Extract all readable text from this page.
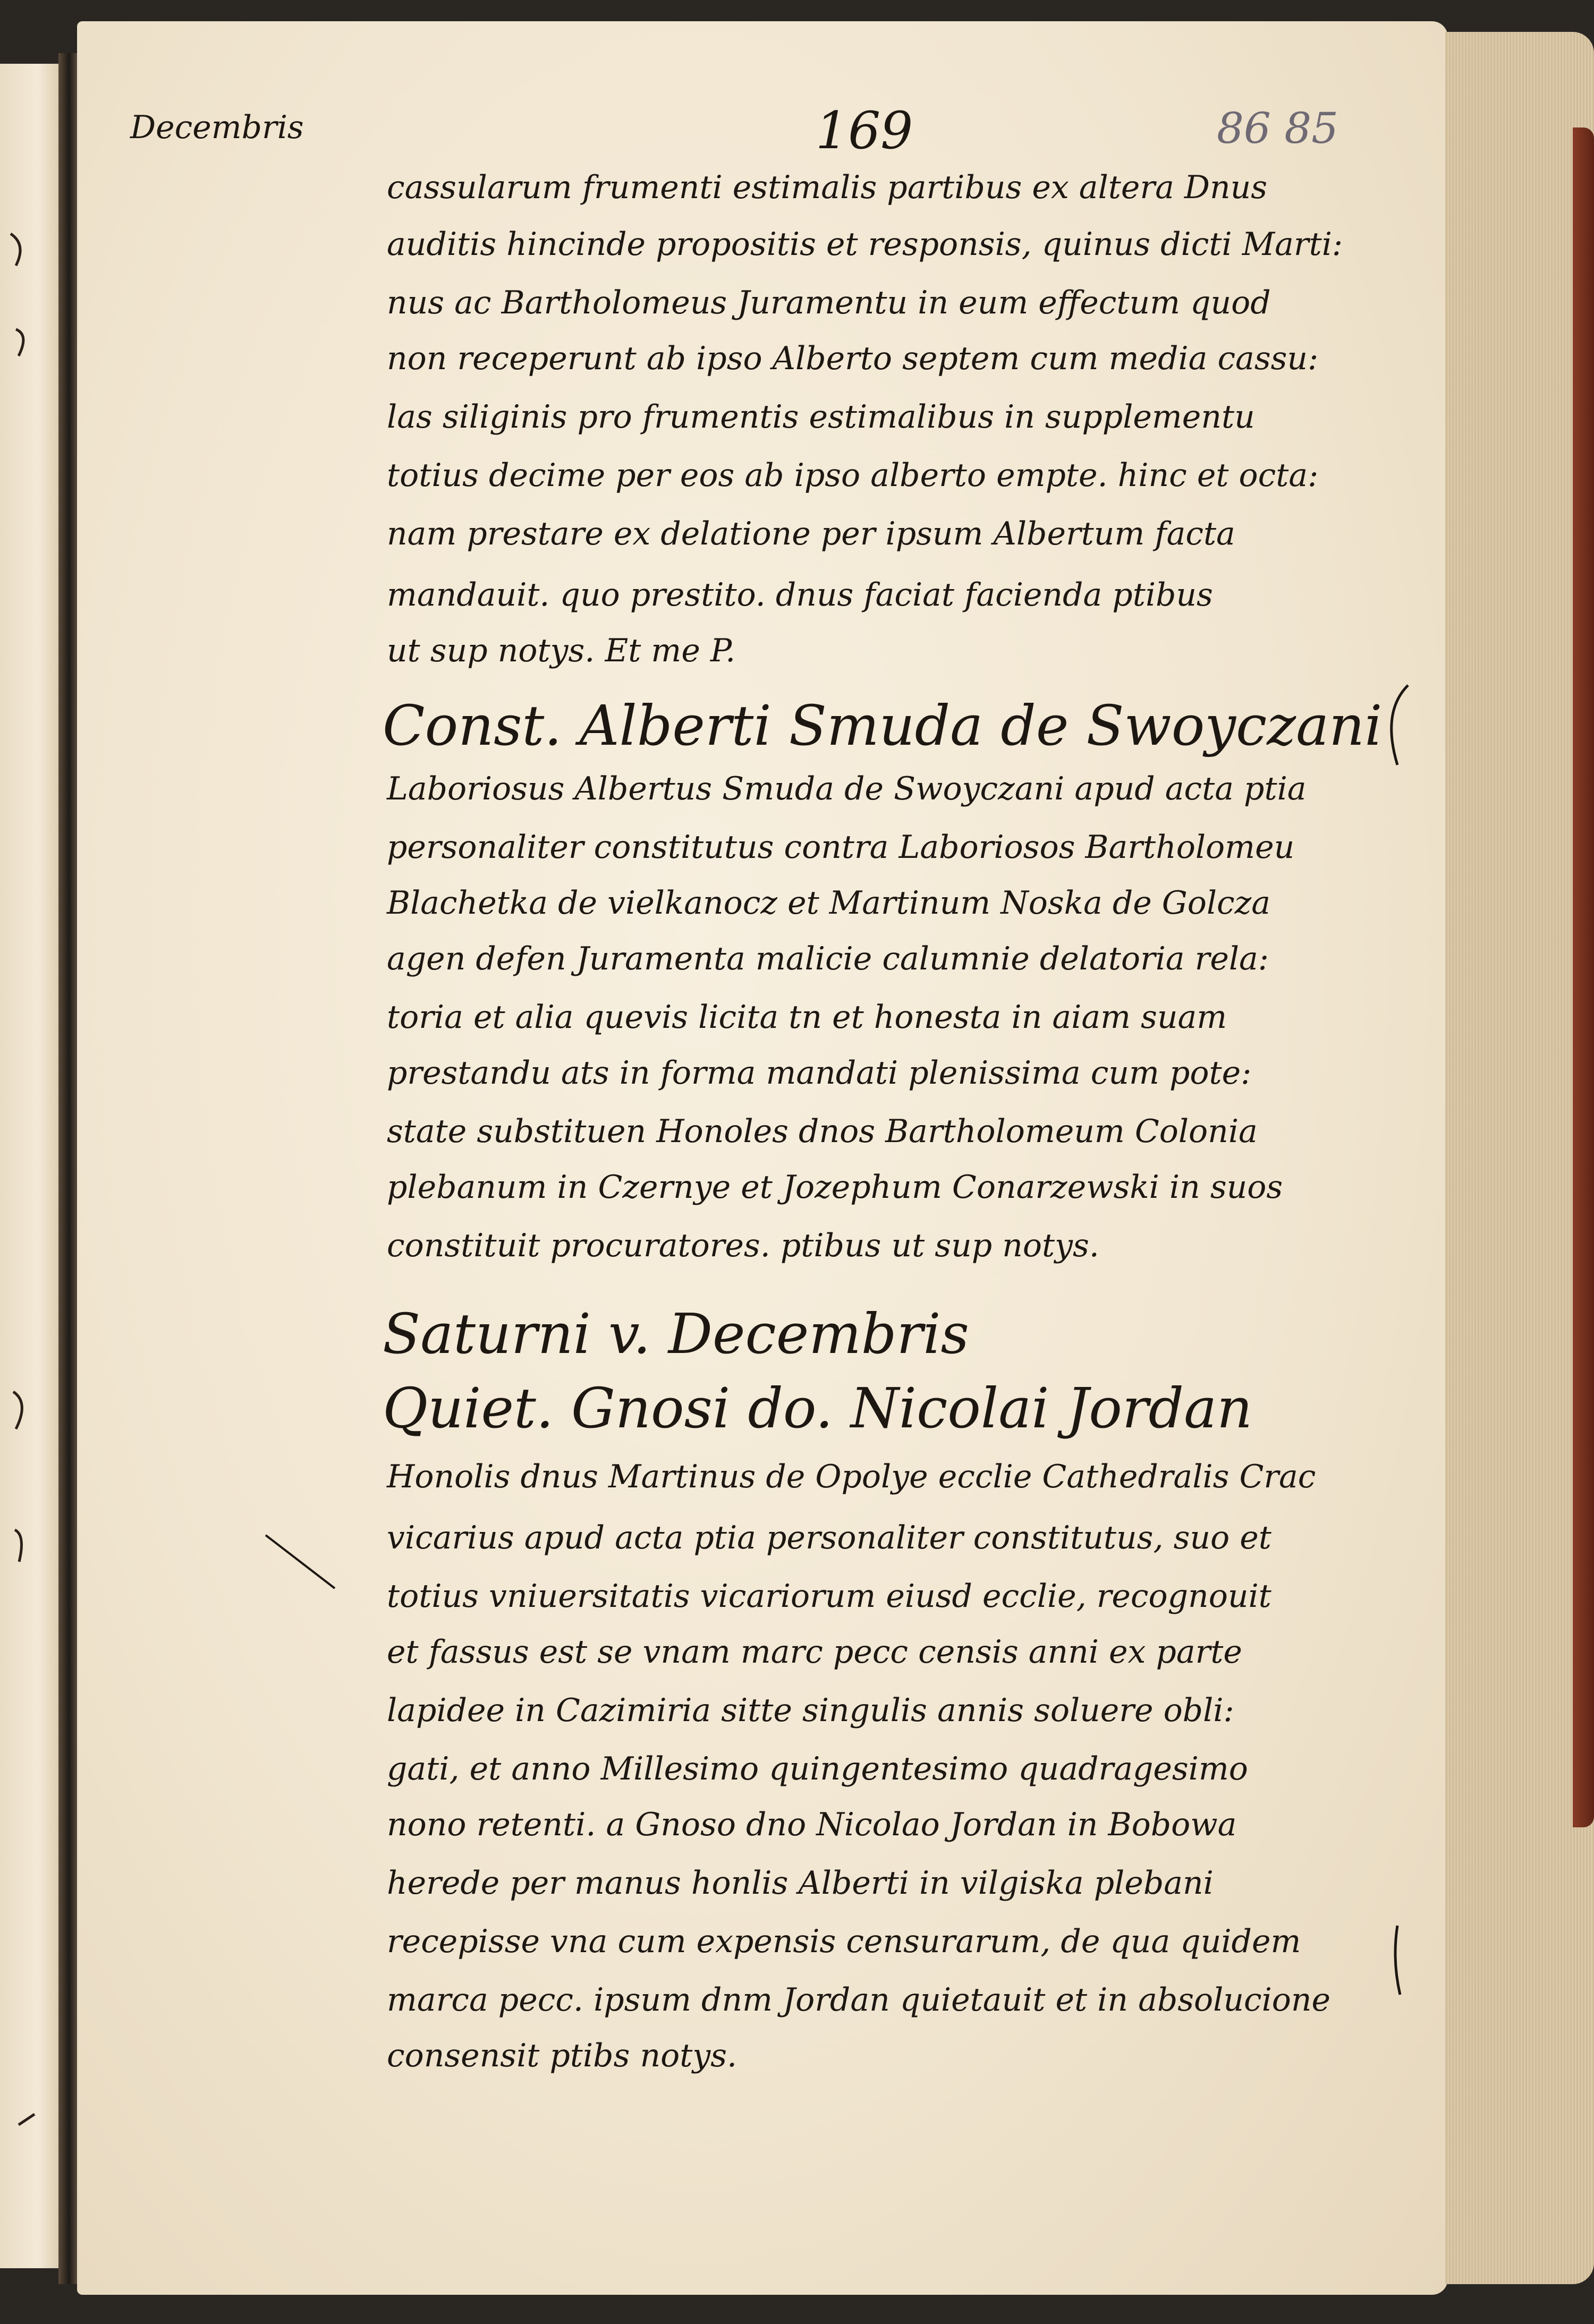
Decembris	169	86 85
cassularum frumenti estimalis partibus ex altera Dnus
auditis hincinde propositis et responsis, quinus dicti Marti:
nus ac Bartholomeus Juramentu in eum effectum quod
non receperunt ab ipso Alberto septem cum media cassu:
las siliginis pro frumentis estimalibus in supplementu
totius decime per eos ab ipso alberto empte. hinc et octa:
nam prestare ex delatione per ipsum Albertum facta
mandauit. quo prestito. dnus faciat facienda ptibus
ut sup notys. Et me P.
Const. Alberti Smuda de Swoyczani
Laboriosus Albertus Smuda de Swoyczani apud acta ptia
personaliter constitutus contra Laboriosos Bartholomeu
Blachetka de vielkanocz et Martinum Noska de Golcza
agen defen Juramenta malicie calumnie delatoria rela:
toria et alia quevis licita tn et honesta in aiam suam
prestandu ats in forma mandati plenissima cum pote:
state substituen Honoles dnos Bartholomeum Colonia
plebanum in Czernye et Jozephum Conarzewski in suos
constituit procuratores. ptibus ut sup notys.
Saturni v. Decembris
Quiet. Gnosi do. Nicolai Jordan
Honolis dnus Martinus de Opolye ecclie Cathedralis Crac
vicarius apud acta ptia personaliter constitutus, suo et
totius vniuersitatis vicariorum eiusd ecclie, recognouit
et fassus est se vnam marc pecc censis anni ex parte
lapidee in Cazimiria sitte singulis annis soluere obli:
gati, et anno Millesimo quingentesimo quadragesimo
nono retenti. a Gnoso dno Nicolao Jordan in Bobowa
herede per manus honlis Alberti in vilgiska plebani
recepisse vna cum expensis censurarum, de qua quidem
marca pecc. ipsum dnm Jordan quietauit et in absolucione
consensit ptibs notys.
